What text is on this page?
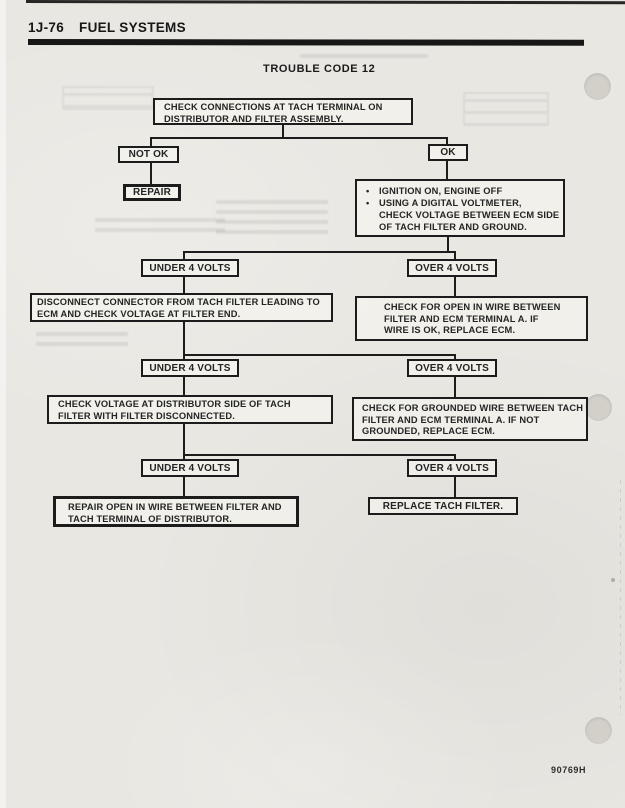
1J-76 FUEL SYSTEMS
TROUBLE CODE 12
CHECK CONNECTIONS AT TACH TERMINAL ON
DISTRIBUTOR AND FILTER ASSEMBLY.
NOT OK	OK
REPAIR	•	IGNITION ON, ENGINE OFF
•	USING A DIGITAL VOLTMETER,
CHECK VOLTAGE BETWEEN ECM SIDE
OF TACH FILTER AND GROUND.
UNDER 4 VOLTS	OVER 4 VOLTS
DISCONNECT CONNECTOR FROM TACH FILTER LEADING TO
ECM AND CHECK VOLTAGE AT FILTER END.
CHECK FOR OPEN IN WIRE BETWEEN
FILTER AND ECM TERMINAL A. IF
WIRE IS OK, REPLACE ECM.
UNDER 4 VOLTS	OVER 4 VOLTS
CHECK VOLTAGE AT DISTRIBUTOR SIDE OF TACH
FILTER WITH FILTER DISCONNECTED.
CHECK FOR GROUNDED WIRE BETWEEN TACH
FILTER AND ECM TERMINAL A. IF NOT
GROUNDED, REPLACE ECM.
UNDER 4 VOLTS	OVER 4 VOLTS
REPAIR OPEN IN WIRE BETWEEN FILTER AND
TACH TERMINAL OF DISTRIBUTOR.
REPLACE TACH FILTER.
90769H
